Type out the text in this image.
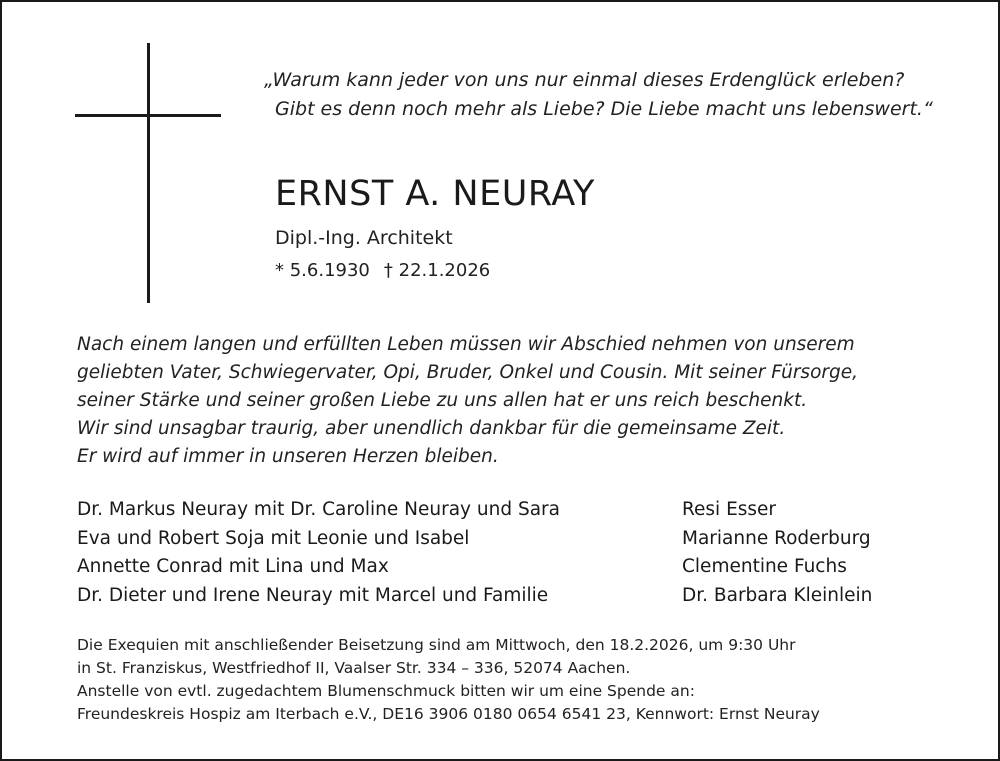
„Warum kann jeder von uns nur einmal dieses Erdenglück erleben?
Gibt es denn noch mehr als Liebe? Die Liebe macht uns lebenswert.“
ERNST A. NEURAY
Dipl.-Ing. Architekt
* 5.6.1930 † 22.1.2026
Nach einem langen und erfüllten Leben müssen wir Abschied nehmen von unserem
geliebten Vater, Schwiegervater, Opi, Bruder, Onkel und Cousin. Mit seiner Fürsorge,
seiner Stärke und seiner großen Liebe zu uns allen hat er uns reich beschenkt.
Wir sind unsagbar traurig, aber unendlich dankbar für die gemeinsame Zeit.
Er wird auf immer in unseren Herzen bleiben.
Dr. Markus Neuray mit Dr. Caroline Neuray und Sara
Eva und Robert Soja mit Leonie und Isabel
Annette Conrad mit Lina und Max
Dr. Dieter und Irene Neuray mit Marcel und Familie
Resi Esser
Marianne Roderburg
Clementine Fuchs
Dr. Barbara Kleinlein
Die Exequien mit anschließender Beisetzung sind am Mittwoch, den 18.2.2026, um 9:30 Uhr
in St. Franziskus, Westfriedhof II, Vaalser Str. 334 – 336, 52074 Aachen.
Anstelle von evtl. zugedachtem Blumenschmuck bitten wir um eine Spende an:
Freundeskreis Hospiz am Iterbach e.V., DE16 3906 0180 0654 6541 23, Kennwort: Ernst Neuray
